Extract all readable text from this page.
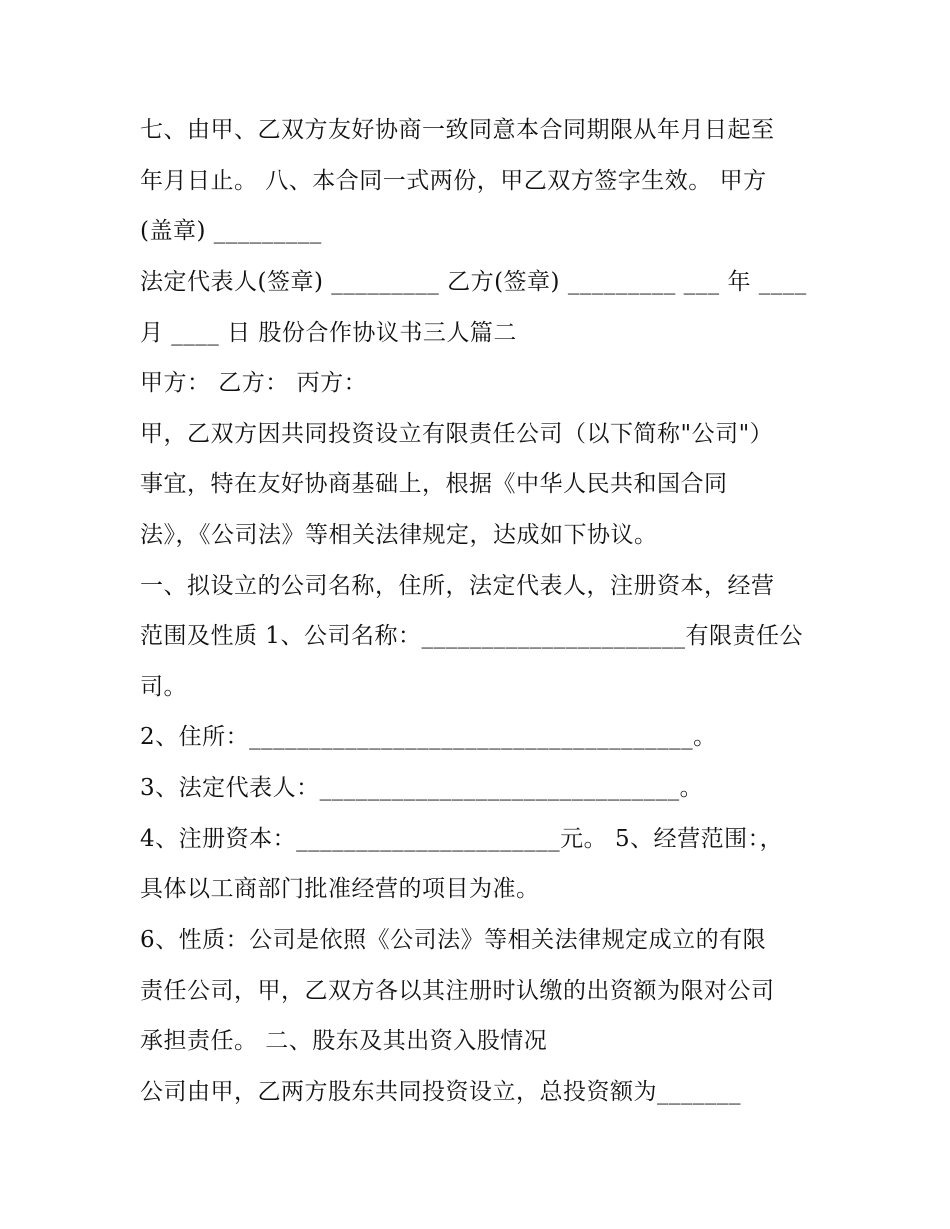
七、由甲、乙双方友好协商一致同意本合同期限从年月日起至
年月日止。 八、本合同一式两份，甲乙双方签字生效。 甲方
(盖章) _________
法定代表人(签章) _________ 乙方(签章) _________ ___ 年 ____
月 ____ 日 股份合作协议书三人篇二
甲方： 乙方： 丙方：
甲，乙双方因共同投资设立有限责任公司（以下简称"公司"）
事宜，特在友好协商基础上，根据《中华人民共和国合同
法》，《公司法》等相关法律规定，达成如下协议。
一、拟设立的公司名称，住所，法定代表人，注册资本，经营
范围及性质 1、公司名称：______________________有限责任公
司。
2、住所：_____________________________________。
3、法定代表人：______________________________。
4、注册资本：______________________元。 5、经营范围：，
具体以工商部门批准经营的项目为准。
6、性质：公司是依照《公司法》等相关法律规定成立的有限
责任公司，甲，乙双方各以其注册时认缴的出资额为限对公司
承担责任。 二、股东及其出资入股情况
公司由甲，乙两方股东共同投资设立，总投资额为_______
